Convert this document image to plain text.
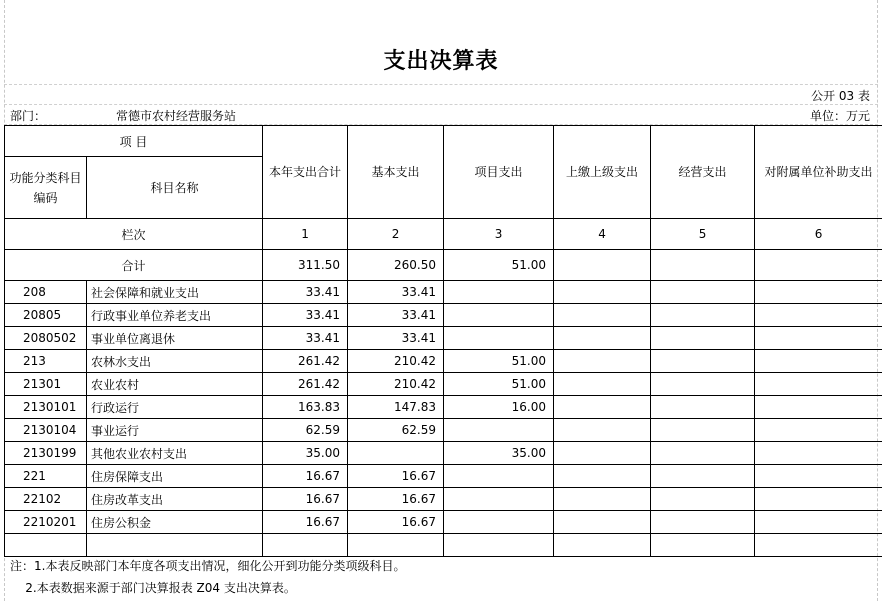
支出决算表
公开 03 表
部门：	常德市农村经营服务站	单位：万元
项 目		本年支出合计	基本支出	项目支出	上缴上级支出	经营支出	对附属单位补助支出
功能分类科目编码	科目名称						
栏次		1	2	3	4	5	6
合计		311.50	260.50	51.00			
208	社会保障和就业支出	33.41	33.41				
20805	行政事业单位养老支出	33.41	33.41				
2080502	事业单位离退休	33.41	33.41				
213	农林水支出	261.42	210.42	51.00			
21301	农业农村	261.42	210.42	51.00			
2130101	行政运行	163.83	147.83	16.00			
2130104	事业运行	62.59	62.59				
2130199	其他农业农村支出	35.00		35.00			
221	住房保障支出	16.67	16.67				
22102	住房改革支出	16.67	16.67				
2210201	住房公积金	16.67	16.67				

注：1.本表反映部门本年度各项支出情况，细化公开到功能分类项级科目。
2.本表数据来源于部门决算报表 Z04 支出决算表。
